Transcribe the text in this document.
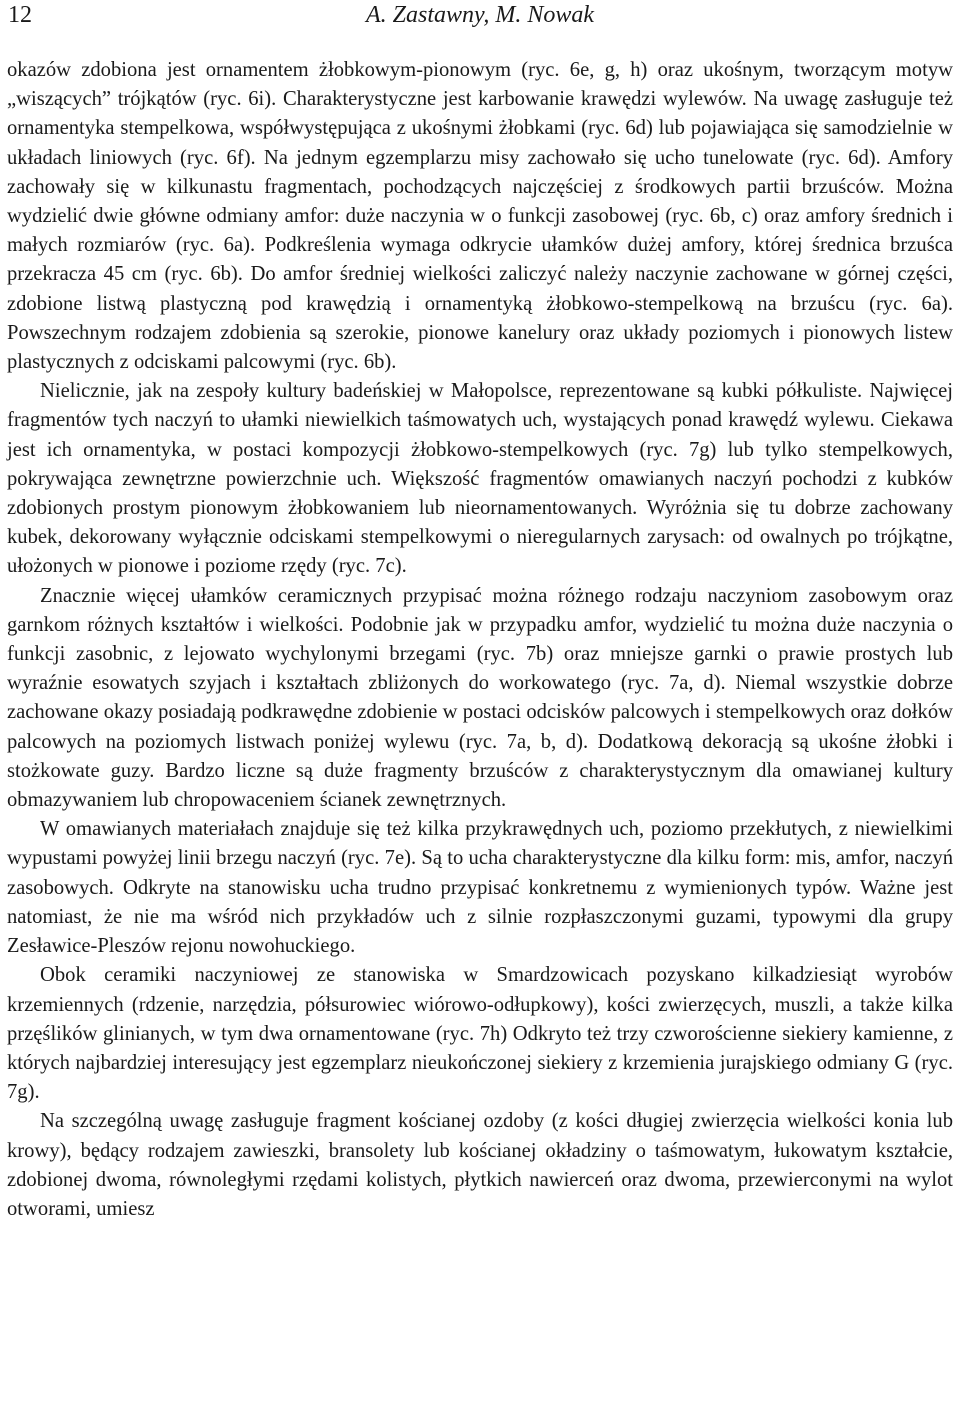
12	A. Zastawny, M. Nowak

okazów zdobiona jest ornamentem żłobkowym-pionowym (ryc. 6e, g, h) oraz ukośnym, tworzącym motyw „wiszących” trójkątów (ryc. 6i). Charakterystyczne jest karbowanie krawędzi wylewów. Na uwagę zasługuje też ornamentyka stempelkowa, współwystępująca z ukośnymi żłobkami (ryc. 6d) lub pojawiająca się samodzielnie w układach liniowych (ryc. 6f). Na jednym egzemplarzu misy zachowało się ucho tunelowate (ryc. 6d). Amfory zachowały się w kilkunastu fragmentach, pochodzących najczęściej z środkowych partii brzuśców. Można wydzielić dwie główne odmiany amfor: duże naczynia w o funkcji zasobowej (ryc. 6b, c) oraz amfory średnich i małych rozmiarów (ryc. 6a). Podkreślenia wymaga odkrycie ułamków dużej amfory, której średnica brzuśca przekracza 45 cm (ryc. 6b). Do amfor średniej wielkości zaliczyć należy naczynie zachowane w górnej części, zdobione listwą plastyczną pod krawędzią i ornamentyką żłobkowo-stempelkową na brzuścu (ryc. 6a). Powszechnym rodzajem zdobienia są szerokie, pionowe kanelury oraz układy poziomych i pionowych listew plastycznych z odciskami palcowymi (ryc. 6b).

Nielicznie, jak na zespoły kultury badeńskiej w Małopolsce, reprezentowane są kubki półkuliste. Najwięcej fragmentów tych naczyń to ułamki niewielkich taśmowatych uch, wystających ponad krawędź wylewu. Ciekawa jest ich ornamentyka, w postaci kompozycji żłobkowo-stempelkowych (ryc. 7g) lub tylko stempelkowych, pokrywająca zewnętrzne powierzchnie uch. Większość fragmentów omawianych naczyń pochodzi z kubków zdobionych prostym pionowym żłobkowaniem lub nieornamentowanych. Wyróżnia się tu dobrze zachowany kubek, dekorowany wyłącznie odciskami stempelkowymi o nieregularnych zarysach: od owalnych po trójkątne, ułożonych w pionowe i poziome rzędy (ryc. 7c).

Znacznie więcej ułamków ceramicznych przypisać można różnego rodzaju naczyniom zasobowym oraz garnkom różnych kształtów i wielkości. Podobnie jak w przypadku amfor, wydzielić tu można duże naczynia o funkcji zasobnic, z lejowato wychylonymi brzegami (ryc. 7b) oraz mniejsze garnki o prawie prostych lub wyraźnie esowatych szyjach i kształtach zbliżonych do workowatego (ryc. 7a, d). Niemal wszystkie dobrze zachowane okazy posiadają podkrawędne zdobienie w postaci odcisków palcowych i stempelkowych oraz dołków palcowych na poziomych listwach poniżej wylewu (ryc. 7a, b, d). Dodatkową dekoracją są ukośne żłobki i stożkowate guzy. Bardzo liczne są duże fragmenty brzuśców z charakterystycznym dla omawianej kultury obmazywaniem lub chropowaceniem ścianek zewnętrznych.

W omawianych materiałach znajduje się też kilka przykrawędnych uch, poziomo przekłutych, z niewielkimi wypustami powyżej linii brzegu naczyń (ryc. 7e). Są to ucha charakterystyczne dla kilku form: mis, amfor, naczyń zasobowych. Odkryte na stanowisku ucha trudno przypisać konkretnemu z wymienionych typów. Ważne jest natomiast, że nie ma wśród nich przykładów uch z silnie rozpłaszczonymi guzami, typowymi dla grupy Zesławice-Pleszów rejonu nowohuckiego.

Obok ceramiki naczyniowej ze stanowiska w Smardzowicach pozyskano kilkadziesiąt wyrobów krzemiennych (rdzenie, narzędzia, półsurowiec wiórowo-odłupkowy), kości zwierzęcych, muszli, a także kilka przęślików glinianych, w tym dwa ornamentowane (ryc. 7h) Odkryto też trzy czworościenne siekiery kamienne, z których najbardziej interesujący jest egzemplarz nieukończonej siekiery z krzemienia jurajskiego odmiany G (ryc. 7g).

Na szczególną uwagę zasługuje fragment kościanej ozdoby (z kości długiej zwierzęcia wielkości konia lub krowy), będący rodzajem zawieszki, bransolety lub kościanej okładziny o taśmowatym, łukowatym kształcie, zdobionej dwoma, równoległymi rzędami kolistych, płytkich nawierceń oraz dwoma, przewierconymi na wylot otworami, umiesz
